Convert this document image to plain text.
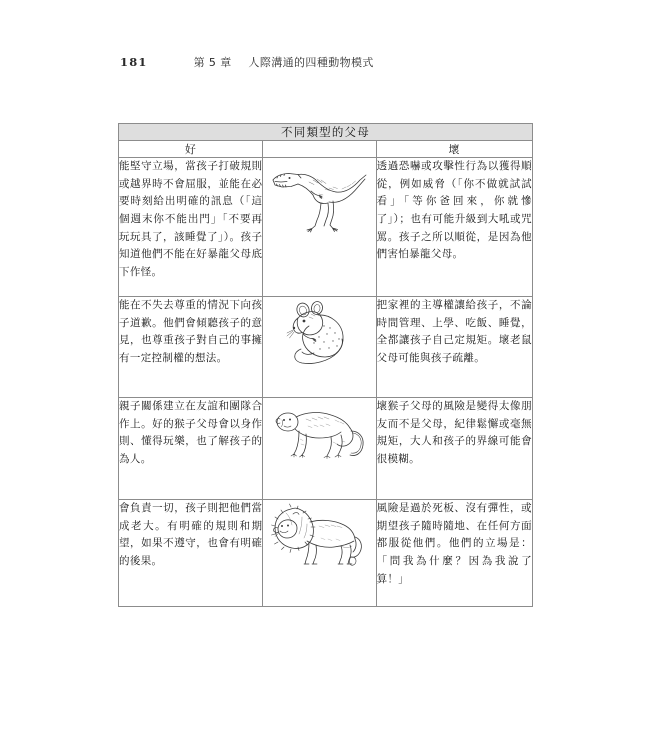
181	第 5 章 人際溝通的四種動物模式
不同類型的父母		
好		壞

能堅守立場，當孩子打破規則或越界時不會屈服，並能在必要時刻給出明確的訊息（「這個週末你不能出門」「不要再玩玩具了，該睡覺了」）。孩子知道他們不能在好暴龍父母底下作怪。		透過恐嚇或攻擊性行為以獲得順從，例如威脅（「你不做就試試看」「等你爸回來，你就慘了」）；也有可能升級到大吼或咒罵。孩子之所以順從，是因為他們害怕暴龍父母。

能在不失去尊重的情況下向孩子道歉。他們會傾聽孩子的意見，也尊重孩子對自己的事擁有一定控制權的想法。		把家裡的主導權讓給孩子，不論時間管理、上學、吃飯、睡覺，全都讓孩子自己定規矩。壞老鼠父母可能與孩子疏離。

親子關係建立在友誼和團隊合作上。好的猴子父母會以身作則、懂得玩樂，也了解孩子的為人。		壞猴子父母的風險是變得太像朋友而不是父母，紀律鬆懈或毫無規矩，大人和孩子的界線可能會很模糊。

會負責一切，孩子則把他們當成老大。有明確的規則和期望，如果不遵守，也會有明確的後果。		風險是過於死板、沒有彈性，或期望孩子隨時隨地、在任何方面都服從他們。他們的立場是：「問我為什麼？因為我說了算！」
